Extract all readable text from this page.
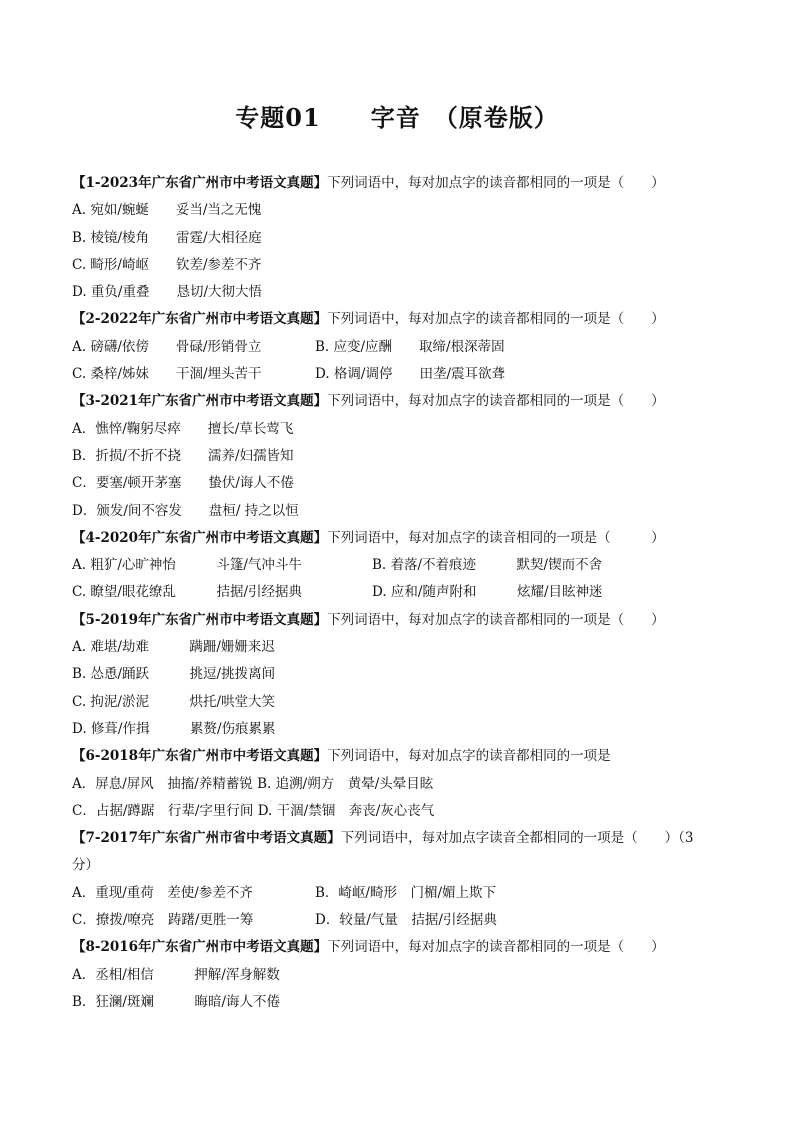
专题01　　字音　（原卷版）
【1-2023年广东省广州市中考语文真题】下列词语中，每对加点字的读音都相同的一项是（　　）
A. 宛如/蜿蜒　　妥当/当之无愧
B. 棱镜/棱角　　雷霆/大相径庭
C. 畸形/崎岖　　钦差/参差不齐
D. 重负/重叠　　恳切/大彻大悟
【2-2022年广东省广州市中考语文真题】下列词语中，每对加点字的读音都相同的一项是（　　）
A. 磅礴/依傍　　骨碌/形销骨立	B. 应变/应酬　　取缔/根深蒂固
C. 桑梓/姊妹　　干涸/埋头苦干	D. 格调/调停　　田垄/震耳欲聋
【3-2021年广东省广州市中考语文真题】下列词语中，每对加点字的读音都相同的一项是（　　）
A．憔悴/鞠躬尽瘁　　擅长/草长莺飞
B．折损/不折不挠　　濡养/妇孺皆知
C．要塞/顿开茅塞　　蛰伏/诲人不倦
D．颁发/间不容发　　盘桓/ 持之以恒
【4-2020年广东省广州市中考语文真题】下列词语中，每对加点字的读音相同的一项是（　　　）
A. 粗犷/心旷神怡　　　斗篷/气冲斗牛	B. 着落/不着痕迹　　　默契/锲而不舍
C. 瞭望/眼花缭乱　　　拮据/引经据典	D. 应和/随声附和　　　炫耀/目眩神迷
【5-2019年广东省广州市中考语文真题】下列词语中，每对加点字的读音都相同的一项是（　　）
A. 难堪/劫难　　　蹒跚/姗姗来迟
B. 怂恿/踊跃　　　挑逗/挑拨离间
C. 拘泥/淤泥　　　烘托/哄堂大笑
D. 修葺/作揖　　　累赘/伤痕累累
【6-2018年广东省广州市中考语文真题】下列词语中，每对加点字的读音都相同的一项是
A．屏息/屏风　抽搐/养精蓄锐 B. 追溯/朔方　黄晕/头晕目眩
C．占据/蹲踞　行辈/字里行间 D. 干涸/禁锢　奔丧/灰心丧气
【7-2017年广东省广州市省中考语文真题】下列词语中，每对加点字读音全都相同的一项是（　　）（3
分）
A．重现/重荷　差使/参差不齐	B．崎岖/畸形　门楣/媚上欺下
C．撩拨/嘹亮　踌躇/更胜一筹	D．较量/气量　拮据/引经据典
【8-2016年广东省广州市中考语文真题】下列词语中，每对加点字的读音都相同的一项是（　　）
A．丞相/相信　　　押解/浑身解数
B．狂澜/斑斓　　　晦暗/诲人不倦
